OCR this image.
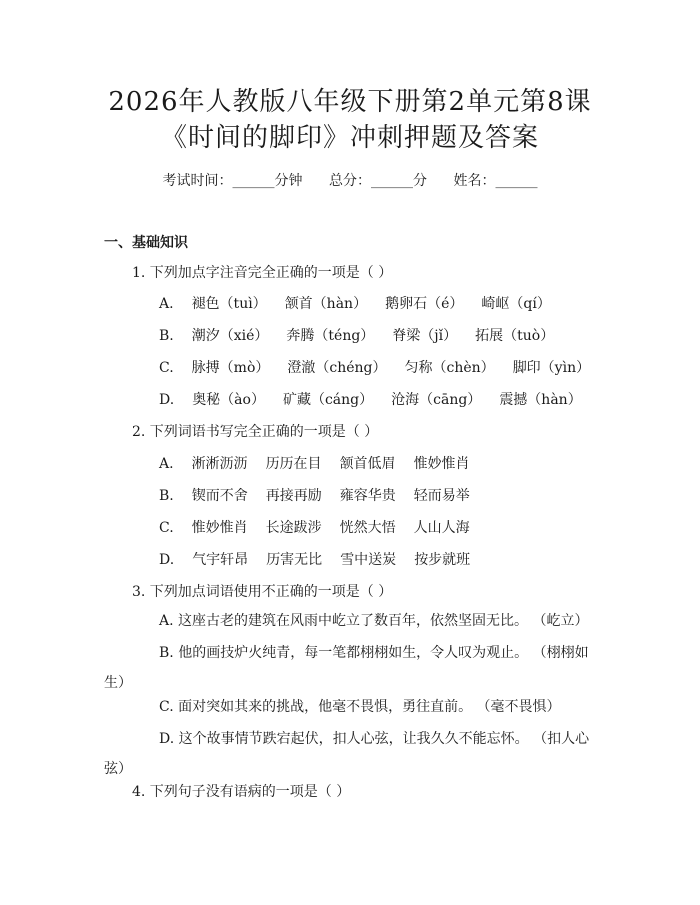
2026年人教版八年级下册第2单元第8课
《时间的脚印》冲刺押题及答案
考试时间：______分钟 总分：______分 姓名：______
一、基础知识
1. 下列加点字注音完全正确的一项是（ ）
A. 褪色（tuì） 颔首（hàn） 鹅卵石（é） 崎岖（qí）
B. 潮汐（xié） 奔腾（téng） 脊梁（jǐ） 拓展（tuò）
C. 脉搏（mò） 澄澈（chéng） 匀称（chèn） 脚印（yìn）
D. 奥秘（ào） 矿藏（cáng） 沧海（cāng） 震撼（hàn）
2. 下列词语书写完全正确的一项是（ ）
A. 淅淅沥沥 历历在目 颔首低眉 惟妙惟肖
B. 锲而不舍 再接再励 雍容华贵 轻而易举
C. 惟妙惟肖 长途跋涉 恍然大悟 人山人海
D. 气宇轩昂 历害无比 雪中送炭 按步就班
3. 下列加点词语使用不正确的一项是（ ）
A. 这座古老的建筑在风雨中屹立了数百年，依然坚固无比。 （屹立）
B. 他的画技炉火纯青，每一笔都栩栩如生，令人叹为观止。 （栩栩如生）
C. 面对突如其来的挑战，他毫不畏惧，勇往直前。 （毫不畏惧）
D. 这个故事情节跌宕起伏，扣人心弦，让我久久不能忘怀。 （扣人心弦）
4. 下列句子没有语病的一项是（ ）
